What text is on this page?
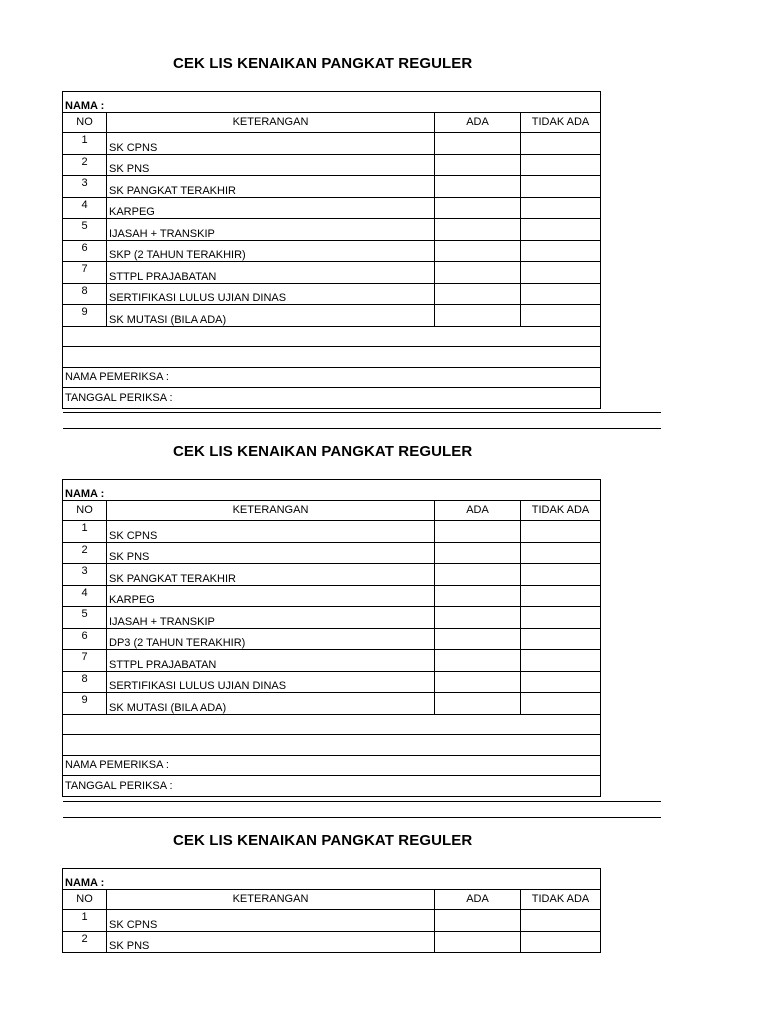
CEK LIS KENAIKAN PANGKAT REGULER
NAMA :			
NO	KETERANGAN	ADA	TIDAK ADA
1	SK CPNS		
2	SK PNS		
3	SK PANGKAT TERAKHIR		
4	KARPEG		
5	IJASAH + TRANSKIP		
6	SKP (2 TAHUN TERAKHIR)		
7	STTPL PRAJABATAN		
8	SERTIFIKASI LULUS UJIAN DINAS		
9	SK MUTASI (BILA ADA)		

NAMA PEMERIKSA :			
TANGGAL PERIKSA :			
CEK LIS KENAIKAN PANGKAT REGULER
NAMA :			
NO	KETERANGAN	ADA	TIDAK ADA
1	SK CPNS		
2	SK PNS		
3	SK PANGKAT TERAKHIR		
4	KARPEG		
5	IJASAH + TRANSKIP		
6	DP3 (2 TAHUN TERAKHIR)		
7	STTPL PRAJABATAN		
8	SERTIFIKASI LULUS UJIAN DINAS		
9	SK MUTASI (BILA ADA)		

NAMA PEMERIKSA :			
TANGGAL PERIKSA :			
CEK LIS KENAIKAN PANGKAT REGULER
NAMA :			
NO	KETERANGAN	ADA	TIDAK ADA
1	SK CPNS		
2	SK PNS		
